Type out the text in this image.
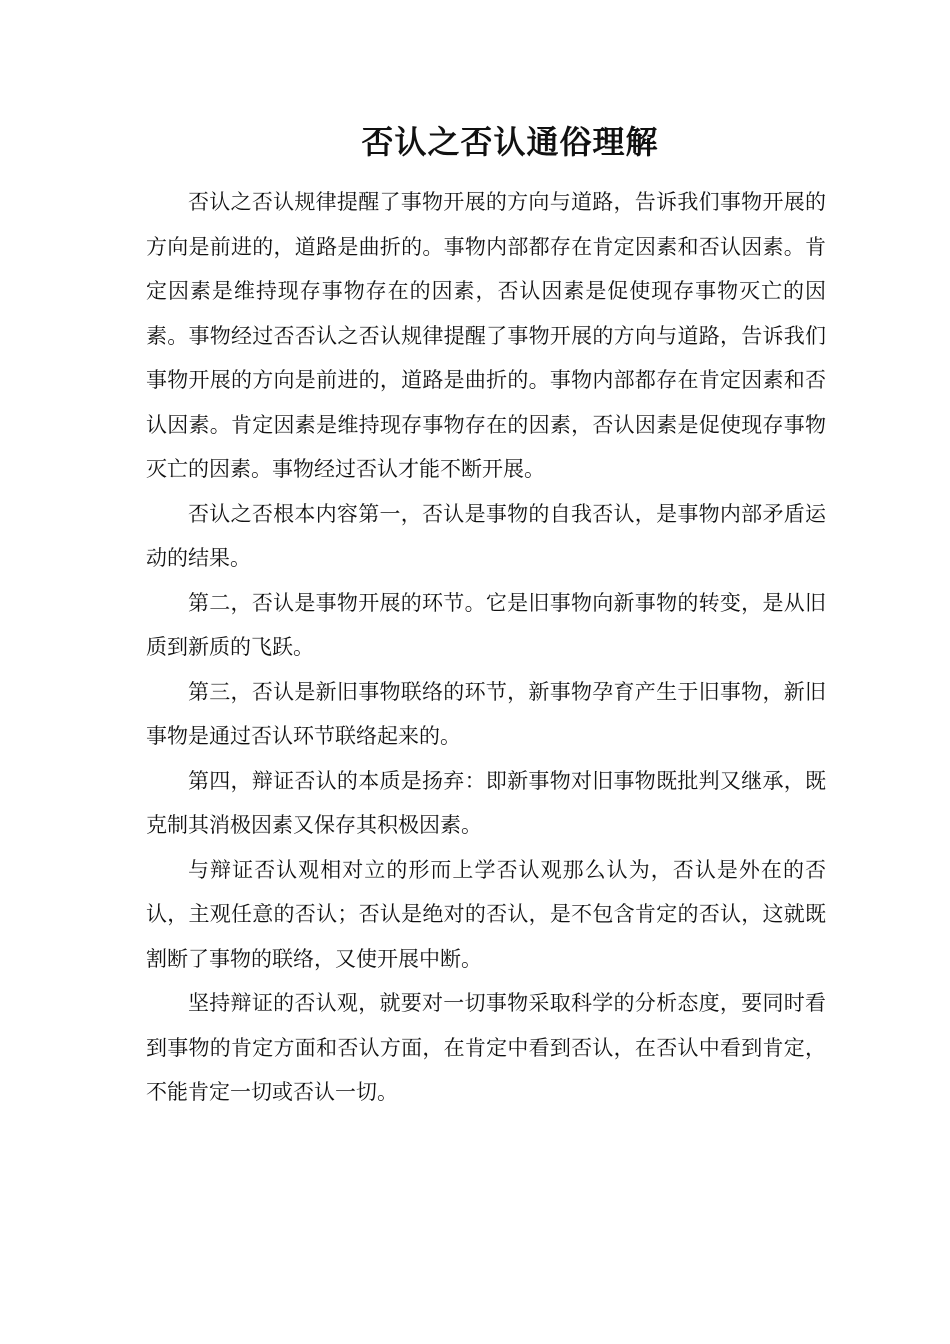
否认之否认通俗理解

否认之否认规律提醒了事物开展的方向与道路，告诉我们事物开展的方向是前进的，道路是曲折的。事物内部都存在肯定因素和否认因素。肯定因素是维持现存事物存在的因素，否认因素是促使现存事物灭亡的因素。事物经过否否认之否认规律提醒了事物开展的方向与道路，告诉我们事物开展的方向是前进的，道路是曲折的。事物内部都存在肯定因素和否认因素。肯定因素是维持现存事物存在的因素，否认因素是促使现存事物灭亡的因素。事物经过否认才能不断开展。

否认之否根本内容第一，否认是事物的自我否认，是事物内部矛盾运动的结果。

第二，否认是事物开展的环节。它是旧事物向新事物的转变，是从旧质到新质的飞跃。

第三，否认是新旧事物联络的环节，新事物孕育产生于旧事物，新旧事物是通过否认环节联络起来的。

第四，辩证否认的本质是扬弃：即新事物对旧事物既批判又继承，既克制其消极因素又保存其积极因素。

与辩证否认观相对立的形而上学否认观那么认为，否认是外在的否认，主观任意的否认；否认是绝对的否认，是不包含肯定的否认，这就既割断了事物的联络，又使开展中断。

坚持辩证的否认观，就要对一切事物采取科学的分析态度，要同时看到事物的肯定方面和否认方面，在肯定中看到否认，在否认中看到肯定，不能肯定一切或否认一切。
